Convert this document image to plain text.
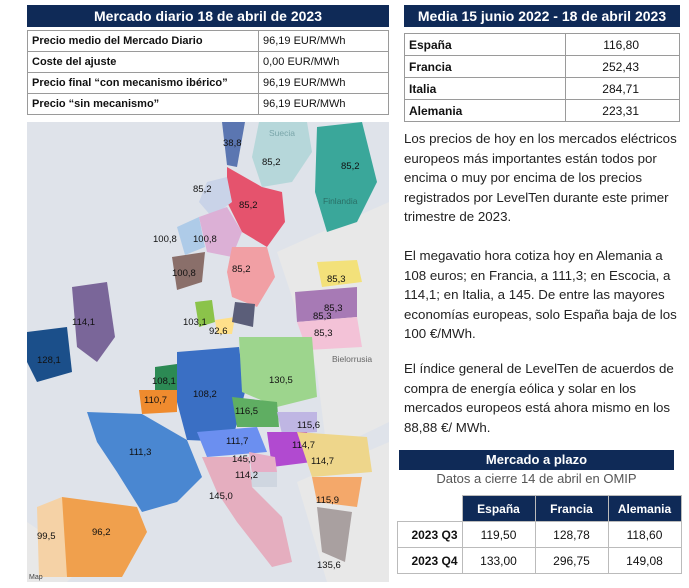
Mercado diario 18 de abril de 2023
Precio medio del Mercado Diario	96,19 EUR/MWh
Coste del ajuste	0,00 EUR/MWh
Precio final “con mecanismo ibérico”	96,19 EUR/MWh
Precio “sin mecanismo”	96,19 EUR/MWh
Media 15 junio 2022 - 18 de abril 2023
España	116,80
Francia	252,43
Italia	284,71
Alemania	223,31
Los precios de hoy en los mercados eléctricos europeos más importantes están todos por encima o muy por encima de los precios registrados por LevelTen durante este primer trimestre de 2023.
El megavatio hora cotiza hoy en Alemania a 108 euros; en Francia, a 111,3; en Escocia, a 114,1; en Italia, a 145. De entre las mayores economías europeas, solo España baja de los 100 €/MWh.
El índice general de LevelTen de acuerdos de compra de energía eólica y solar en los mercados europeos está ahora mismo en los 88,88 €/ MWh.
Mercado a plazo
Datos a cierre 14 de abril en OMIP
	España	Francia	Alemania
2023 Q3	119,50	128,78	118,60
2023 Q4	133,00	296,75	149,08
38,8
85,2	85,2
85,2
85,2
100,8 100,8
100,8	85,2
103,1
92,6
85,3
85,3
85,3
114,1
128,1
108,1
110,7
108,2
130,5
116,5
115,6
111,7	114,7
145,0
114,2
114,7
111,3
145,0	115,9
96,2
99,5
135,6
85,3
Bielorrusia
Suecia
Finlandia
Map
